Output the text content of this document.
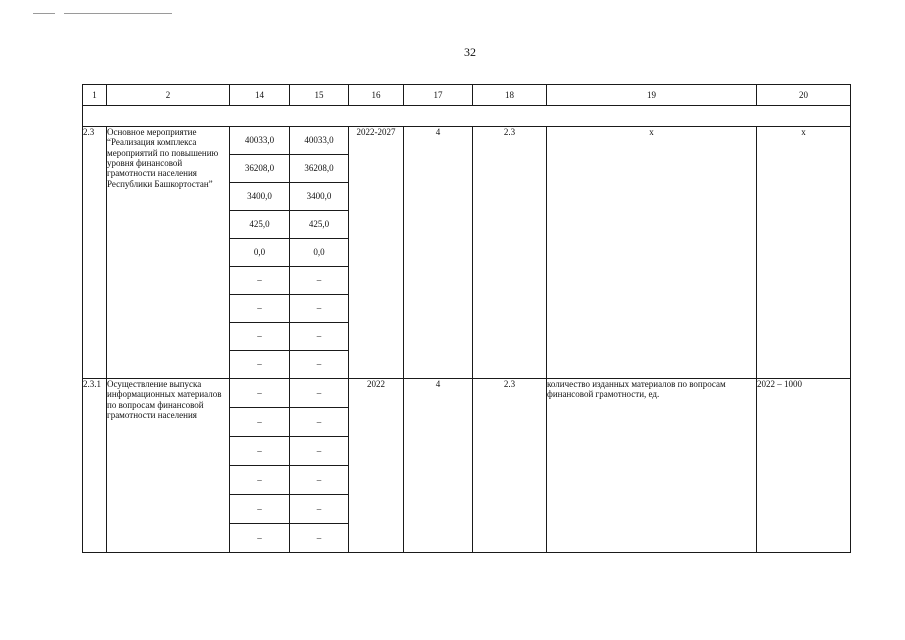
32
1	2	14	15	16	17	18	19	20

2.3	Основное мероприятие “Реализация комплекса мероприятий по повышению уровня финансовой грамотности населения Республики Башкортостан”	40033,0	40033,0	2022-2027	4	2.3	x	x
		36208,0	36208,0					
		3400,0	3400,0					
		425,0	425,0					
		0,0	0,0					
		–	–					
		–	–					
		–	–					
		–	–					
2.3.1	Осуществление выпуска информационных материалов по вопросам финансовой грамотности населения	–	–	2022	4	2.3	количество изданных материалов по вопросам финансовой грамотности, ед.	2022 – 1000
		–	–					
		–	–					
		–	–					
		–	–					
		–	–					
